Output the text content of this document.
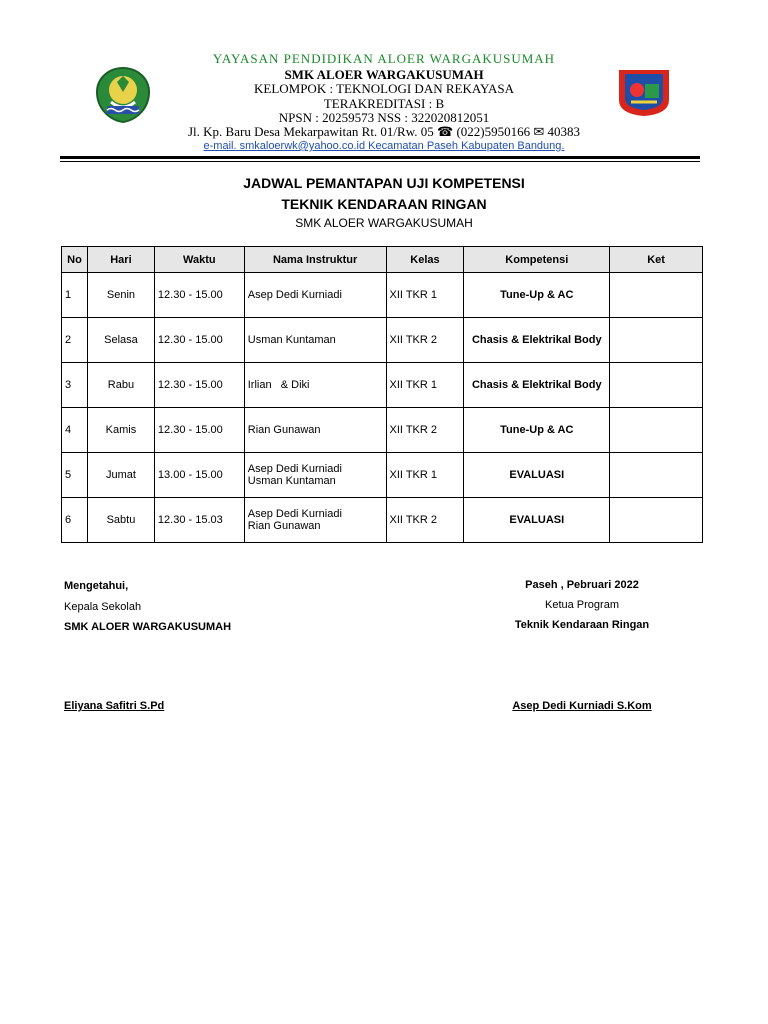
YAYASAN PENDIDIKAN ALOER WARGAKUSUMAH
SMK ALOER WARGAKUSUMAH
KELOMPOK : TEKNOLOGI DAN REKAYASA
TERAKREDITASI : B
NPSN : 20259573 NSS : 322020812051
Jl. Kp. Baru Desa Mekarpawitan Rt. 01/Rw. 05 ☎ (022)5950166 ✉ 40383
e-mail. smkaloerwk@yahoo.co.id Kecamatan Paseh Kabupaten Bandung.
JADWAL PEMANTAPAN UJI KOMPETENSI
TEKNIK KENDARAAN RINGAN
SMK ALOER WARGAKUSUMAH
No	Hari	Waktu	Nama Instruktur	Kelas	Kompetensi	Ket
1	Senin	12.30 - 15.00	Asep Dedi Kurniadi	XII TKR 1	Tune-Up & AC	
2	Selasa	12.30 - 15.00	Usman Kuntaman	XII TKR 2	Chasis & Elektrikal Body	
3	Rabu	12.30 - 15.00	Irlian   & Diki	XII TKR 1	Chasis & Elektrikal Body	
4	Kamis	12.30 - 15.00	Rian Gunawan	XII TKR 2	Tune-Up & AC	
5	Jumat	13.00 - 15.00	Asep Dedi Kurniadi
Usman Kuntaman	XII TKR 1	EVALUASI	
6	Sabtu	12.30 - 15.03	Asep Dedi Kurniadi
Rian Gunawan	XII TKR 2	EVALUASI	
Mengetahui,
Kepala Sekolah
SMK ALOER WARGAKUSUMAH
Eliyana Safitri S.Pd
Paseh , Pebruari 2022
Ketua Program
Teknik Kendaraan Ringan
Asep Dedi Kurniadi S.Kom
